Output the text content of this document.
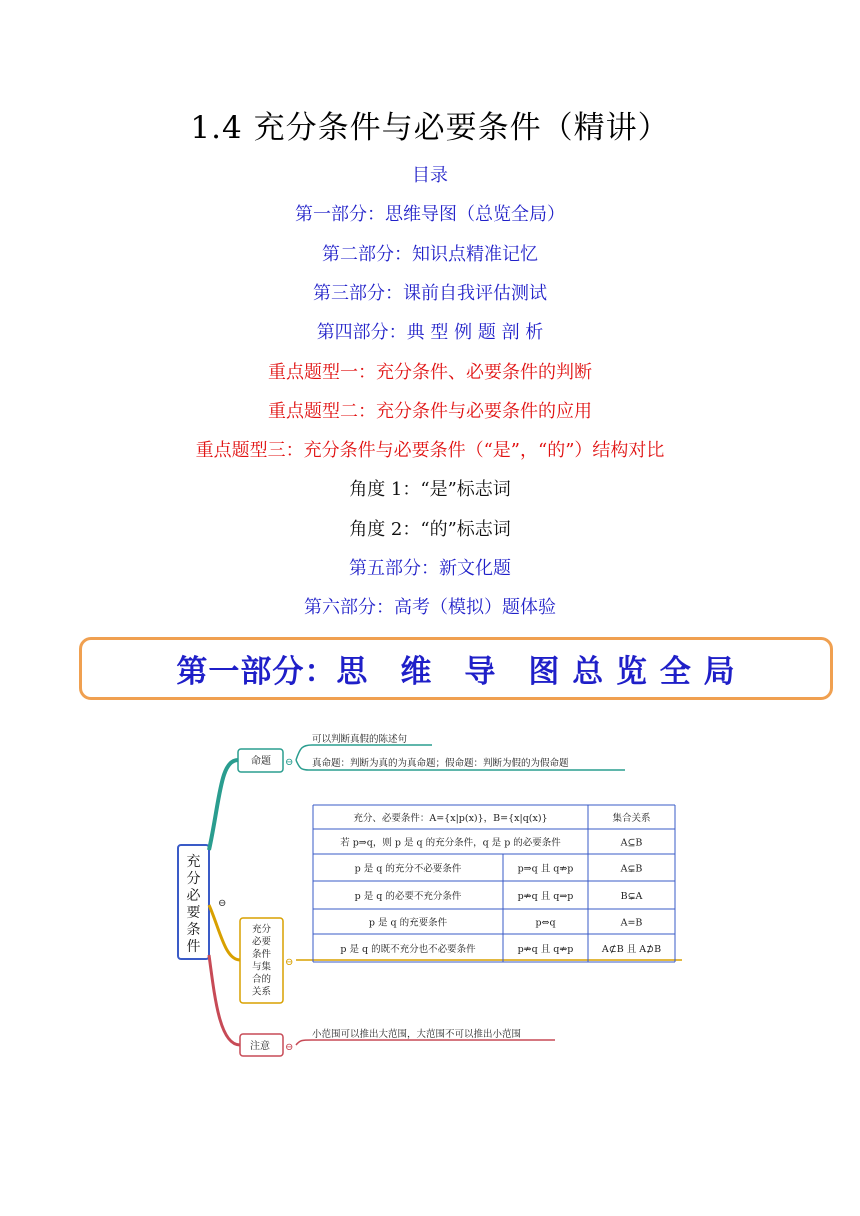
1.4 充分条件与必要条件（精讲）
目录
第一部分：思维导图（总览全局）
第二部分：知识点精准记忆
第三部分：课前自我评估测试
第四部分：典 型 例 题 剖 析
重点题型一：充分条件、必要条件的判断
重点题型二：充分条件与必要条件的应用
重点题型三：充分条件与必要条件（“是”，“的”）结构对比
角度 1：“是”标志词
角度 2：“的”标志词
第五部分：新文化题
第六部分：高考（模拟）题体验
第一部分：思　维　导　图 总 览 全 局
充
分
必
要
条
件
⊖
命题 ⊖
可以判断真假的陈述句
真命题：判断为真的为真命题；假命题：判断为假的为假命题
充分
必要
条件
与集
合的
关系
⊖
充分、必要条件：A={x|p(x)}，B={x|q(x)}	集合关系
若 p⇒q，则 p 是 q 的充分条件，q 是 p 的必要条件	A⊆B
p 是 q 的充分不必要条件	p⇒q 且 q⇏p	A⊊B
p 是 q 的必要不充分条件	p⇏q 且 q⇒p	B⊊A
p 是 q 的充要条件	p⇔q	A=B
p 是 q 的既不充分也不必要条件	p⇏q 且 q⇏p	A⊄B 且 A⊅B
注意 ⊖
小范围可以推出大范围，大范围不可以推出小范围
